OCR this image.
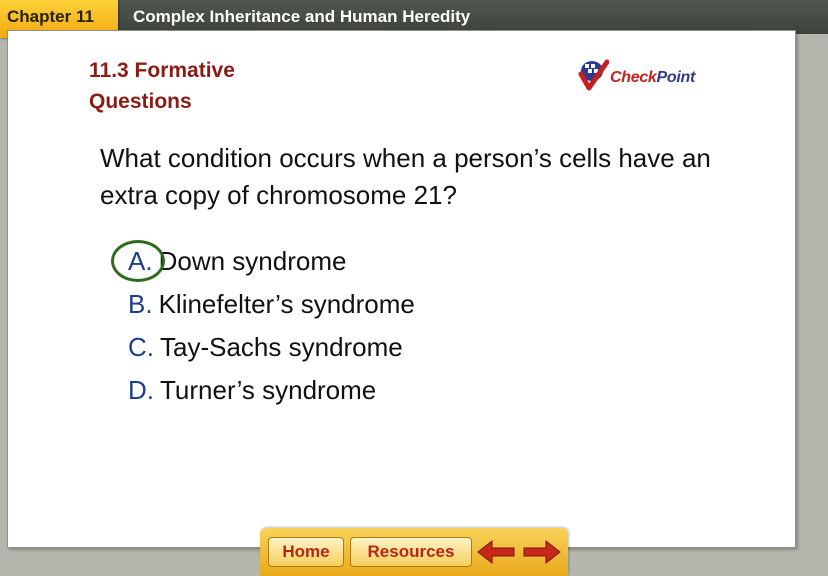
Chapter 11	Complex Inheritance and Human Heredity
11.3 Formative
Questions
CheckPoint
What condition occurs when a person’s cells have an extra copy of chromosome 21?
A. Down syndrome
B. Klinefelter’s syndrome
C. Tay-Sachs syndrome
D. Turner’s syndrome
Home	Resources
